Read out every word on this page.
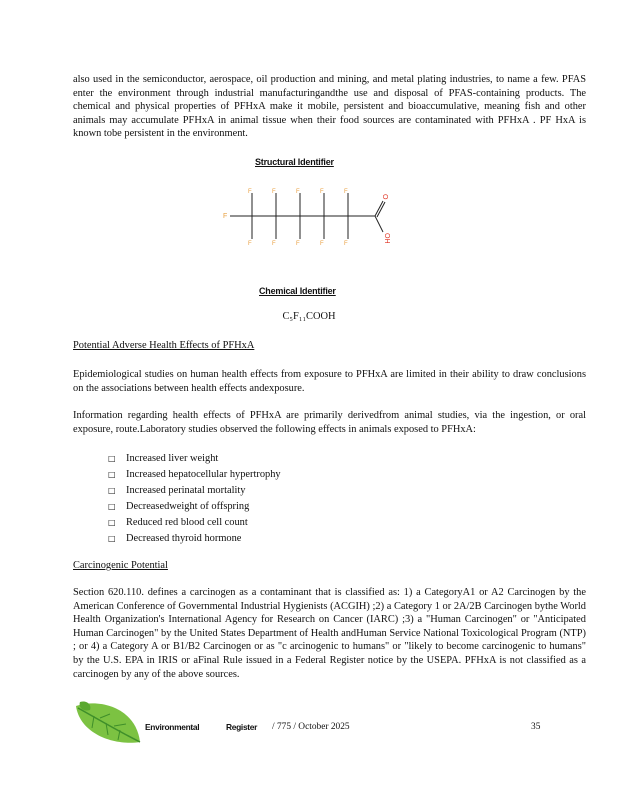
also used in the semiconductor, aerospace, oil production and mining, and metal plating industries, to name a few. PFAS enter the environment through industrial manufacturingandthe use and disposal of PFAS-containing products. The chemical and physical properties of PFHxA make it mobile, persistent and bioaccumulative, meaning fish and other animals may accumulate PFHxA in animal tissue when their food sources are contaminated with PFHxA . PF HxA is known tobe persistent in the environment.

Structural Identifier
F
F	F	F	F	F
F	F	F	F	F
O
OH
Chemical Identifier
C₅F₁₁COOH
Potential Adverse Health Effects of PFHxA

Epidemiological studies on human health effects from exposure to PFHxA are limited in their ability to draw conclusions on the associations between health effects andexposure.

Information regarding health effects of PFHxA are primarily derivedfrom animal studies, via the ingestion, or oral exposure, route.Laboratory studies observed the following effects in animals exposed to PFHxA:

□	Increased liver weight
□	Increased hepatocellular hypertrophy
□	Increased perinatal mortality
□	Decreasedweight of offspring
□	Reduced red blood cell count
□	Decreased thyroid hormone
Carcinogenic Potential

Section 620.110. defines a carcinogen as a contaminant that is classified as: 1) a CategoryA1 or A2 Carcinogen by the American Conference of Governmental Industrial Hygienists (ACGIH) ;2) a Category 1 or 2A/2B Carcinogen bythe World Health Organization's International Agency for Research on Cancer (IARC) ;3) a "Human Carcinogen" or "Anticipated Human Carcinogen" by the United States Department of Health andHuman Service National Toxicological Program (NTP) ; or 4) a Category A or B1/B2 Carcinogen or as "c arcinogenic to humans" or "likely to become carcinogenic to humans" by the U.S. EPA in IRIS or aFinal Rule issued in a Federal Register notice by the USEPA. PFHxA is not classified as a carcinogen by any of the above sources.

Environmental	Register / 775 / October 2025	35
